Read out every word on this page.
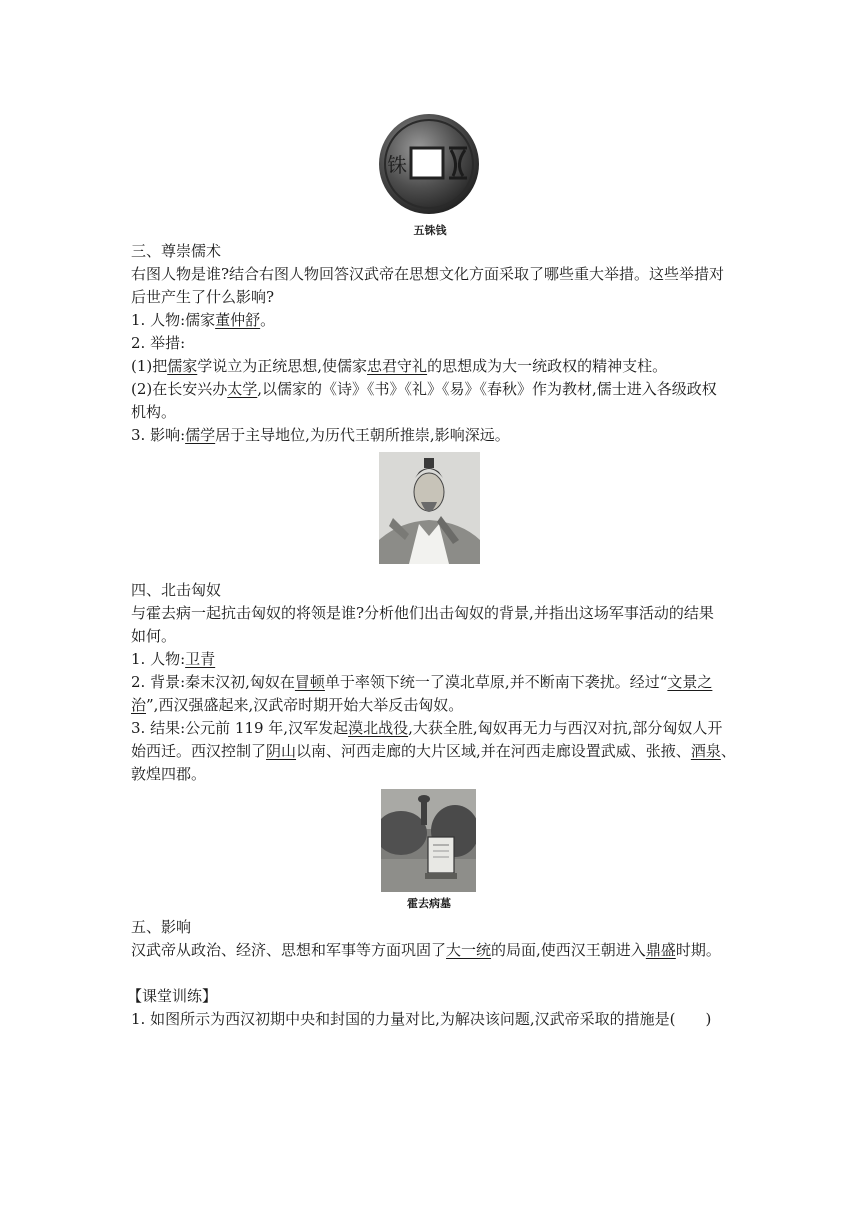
铢
五铢钱
三、尊崇儒术
右图人物是谁?结合右图人物回答汉武帝在思想文化方面采取了哪些重大举措。这些举措对
后世产生了什么影响?
1. 人物:儒家董仲舒。
2. 举措:
(1)把儒家学说立为正统思想,使儒家忠君守礼的思想成为大一统政权的精神支柱。
(2)在长安兴办太学,以儒家的《诗》《书》《礼》《易》《春秋》作为教材,儒士进入各级政权
机构。
3. 影响:儒学居于主导地位,为历代王朝所推崇,影响深远。
四、北击匈奴
与霍去病一起抗击匈奴的将领是谁?分析他们出击匈奴的背景,并指出这场军事活动的结果
如何。
1. 人物:卫青
2. 背景:秦末汉初,匈奴在冒顿单于率领下统一了漠北草原,并不断南下袭扰。经过“文景之
治”,西汉强盛起来,汉武帝时期开始大举反击匈奴。
3. 结果:公元前 119 年,汉军发起漠北战役,大获全胜,匈奴再无力与西汉对抗,部分匈奴人开
始西迁。西汉控制了阴山以南、河西走廊的大片区域,并在河西走廊设置武威、张掖、酒泉、
敦煌四郡。
霍去病墓
五、影响
汉武帝从政治、经济、思想和军事等方面巩固了大一统的局面,使西汉王朝进入鼎盛时期。
【课堂训练】
1. 如图所示为西汉初期中央和封国的力量对比,为解决该问题,汉武帝采取的措施是(　　)
